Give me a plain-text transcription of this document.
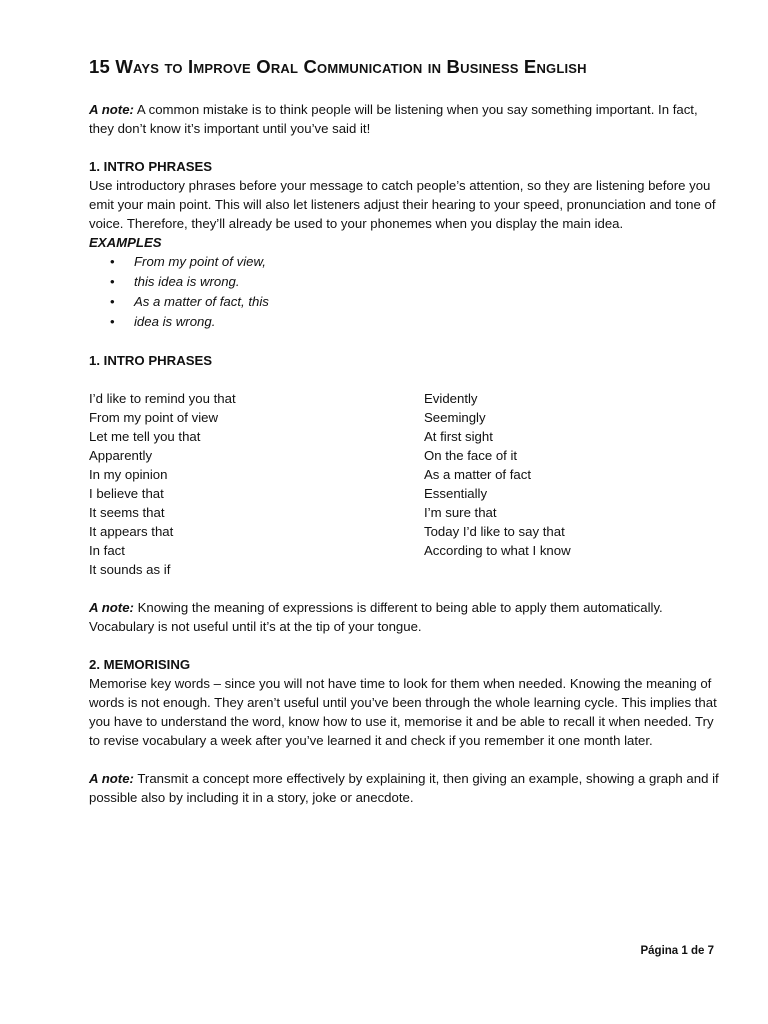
15 Ways to Improve Oral Communication in Business English

A note: A common mistake is to think people will be listening when you say something important. In fact, they don’t know it’s important until you’ve said it!

1. INTRO PHRASES

Use introductory phrases before your message to catch people’s attention, so they are listening before you emit your main point. This will also let listeners adjust their hearing to your speed, pronunciation and tone of voice. Therefore, they’ll already be used to your phonemes when you display the main idea.

EXAMPLES

• From my point of view,
• this idea is wrong.
• As a matter of fact, this
• idea is wrong.

1. INTRO PHRASES

I’d like to remind you that
From my point of view
Let me tell you that
Apparently
In my opinion
I believe that
It seems that
It appears that
In fact
It sounds as if
Evidently
Seemingly
At first sight
On the face of it
As a matter of fact
Essentially
I’m sure that
Today I’d like to say that
According to what I know

A note: Knowing the meaning of expressions is different to being able to apply them automatically. Vocabulary is not useful until it’s at the tip of your tongue.

2. MEMORISING

Memorise key words – since you will not have time to look for them when needed. Knowing the meaning of words is not enough. They aren’t useful until you’ve been through the whole learning cycle. This implies that you have to understand the word, know how to use it, memorise it and be able to recall it when needed. Try to revise vocabulary a week after you’ve learned it and check if you remember it one month later.

A note: Transmit a concept more effectively by explaining it, then giving an example, showing a graph and if possible also by including it in a story, joke or anecdote.

Página 1 de 7
